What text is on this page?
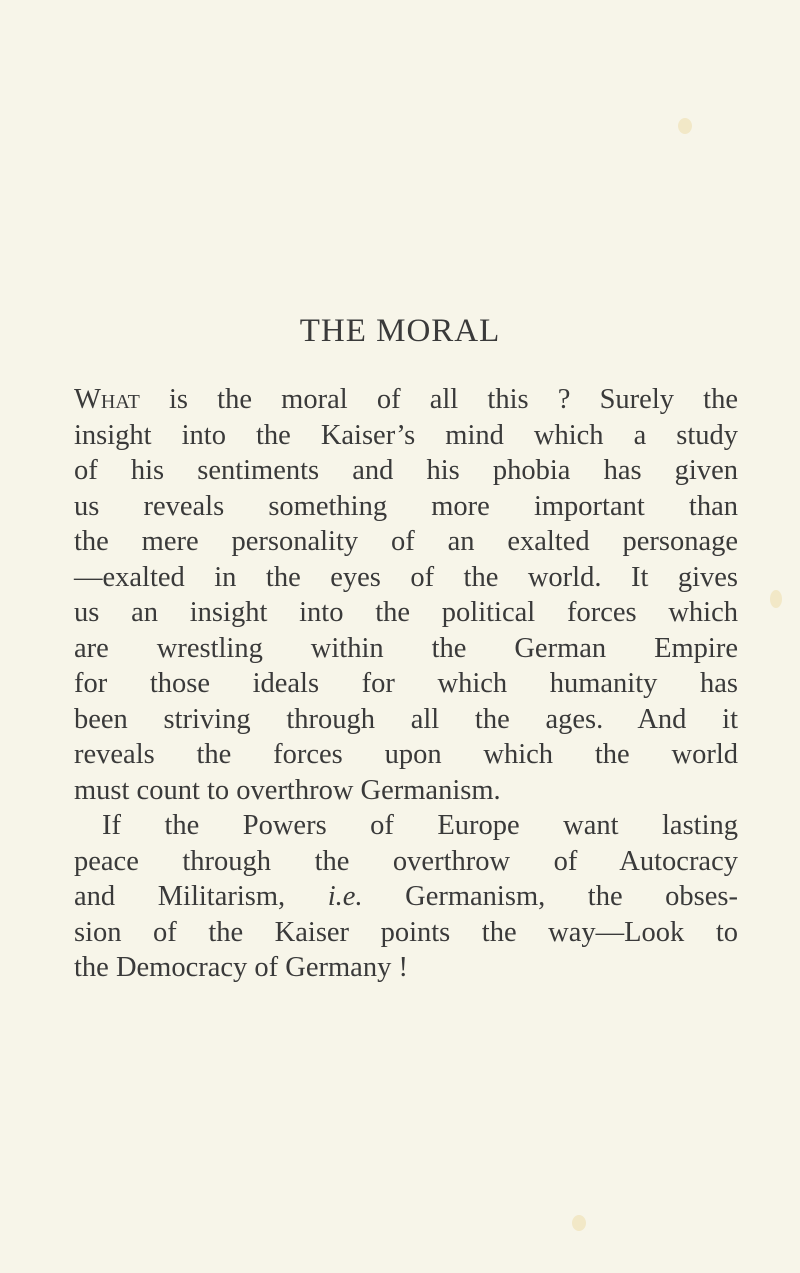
THE MORAL
What is the moral of all this ? Surely the
insight into the Kaiser’s mind which a study
of his sentiments and his phobia has given
us reveals something more important than
the mere personality of an exalted personage
—exalted in the eyes of the world. It gives
us an insight into the political forces which
are wrestling within the German Empire
for those ideals for which humanity has
been striving through all the ages. And it
reveals the forces upon which the world
must count to overthrow Germanism.
If the Powers of Europe want lasting
peace through the overthrow of Autocracy
and Militarism, i.e. Germanism, the obses-
sion of the Kaiser points the way—Look to
the Democracy of Germany !
